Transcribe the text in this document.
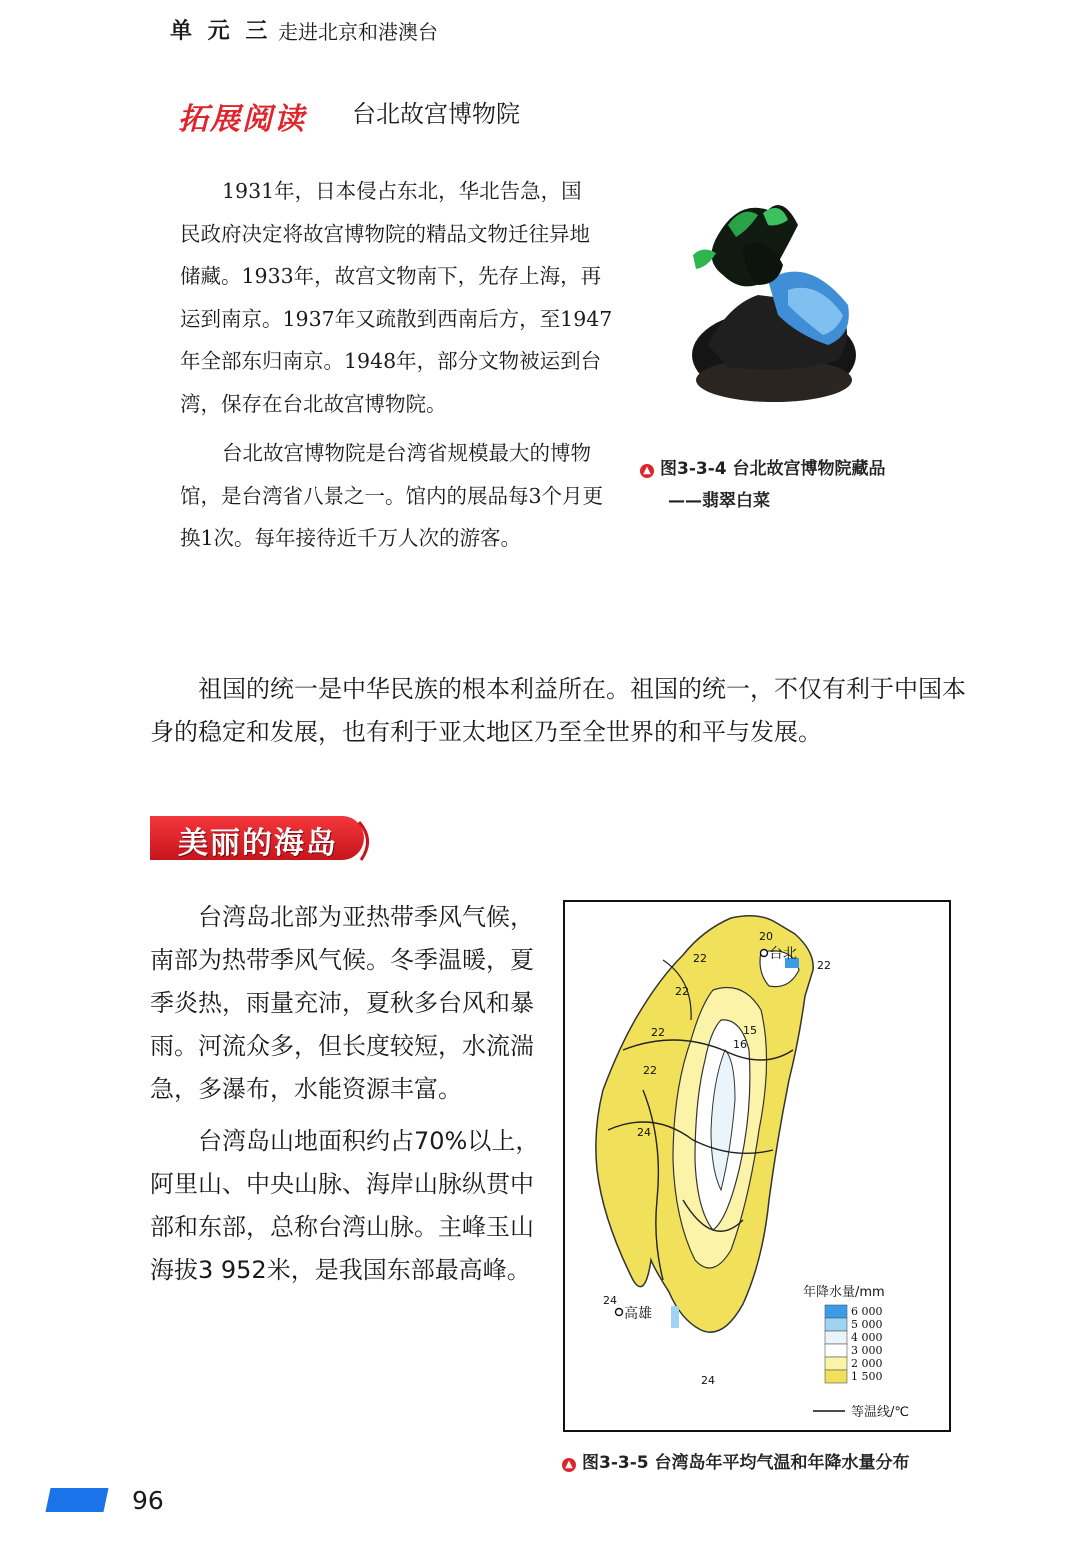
单 元 三 走进北京和港澳台
拓展阅读 台北故宫博物院
1931年，日本侵占东北，华北告急，国
民政府决定将故宫博物院的精品文物迁往异地
储藏。1933年，故宫文物南下，先存上海，再
运到南京。1937年又疏散到西南后方，至1947
年全部东归南京。1948年，部分文物被运到台
湾，保存在台北故宫博物院。
台北故宫博物院是台湾省规模最大的博物
馆，是台湾省八景之一。馆内的展品每3个月更
换1次。每年接待近千万人次的游客。
▲ 图3-3-4 台北故宫博物院藏品
——翡翠白菜
祖国的统一是中华民族的根本利益所在。祖国的统一，不仅有利于中国本
身的稳定和发展，也有利于亚太地区乃至全世界的和平与发展。
美丽的海岛
台湾岛北部为亚热带季风气候，
南部为热带季风气候。冬季温暖，夏
季炎热，雨量充沛，夏秋多台风和暴
雨。河流众多，但长度较短，水流湍
急，多瀑布，水能资源丰富。
台湾岛山地面积约占70%以上，
阿里山、中央山脉、海岸山脉纵贯中
部和东部，总称台湾山脉。主峰玉山
海拔3 952米，是我国东部最高峰。
20
22
22
22
22
22
15
16
24
24
24
台北
高雄
年降水量/mm
6 000
5 000
4 000
3 000
2 000
1 500
等温线/℃
▲ 图3-3-5 台湾岛年平均气温和年降水量分布
96
